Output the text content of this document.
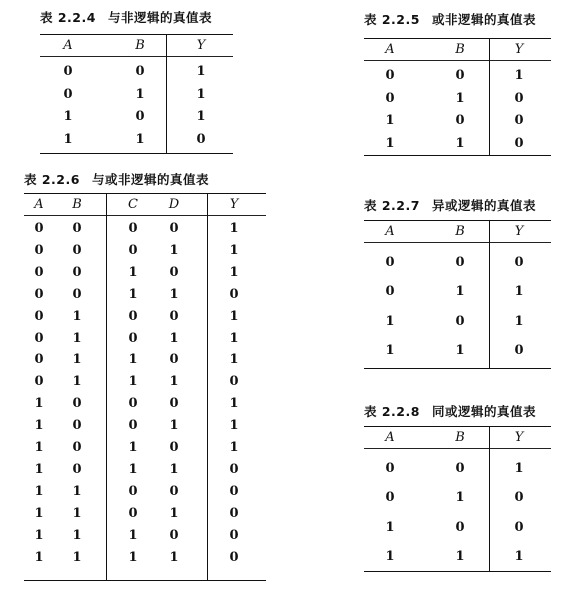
表 2.2.4 与非逻辑的真值表
A	B	Y
0	0	1
0	1	1
1	0	1
1	1	0
表 2.2.5 或非逻辑的真值表
A	B	Y
0	0	1
0	1	0
1	0	0
1	1	0
表 2.2.6 与或非逻辑的真值表
A	B	C	D	Y
0	0	0	0	1
0	0	0	1	1
0	0	1	0	1
0	0	1	1	0
0	1	0	0	1
0	1	0	1	1
0	1	1	0	1
0	1	1	1	0
1	0	0	0	1
1	0	0	1	1
1	0	1	0	1
1	0	1	1	0
1	1	0	0	0
1	1	0	1	0
1	1	1	0	0
1	1	1	1	0
表 2.2.7 异或逻辑的真值表
A	B	Y
0	0	0
0	1	1
1	0	1
1	1	0
表 2.2.8 同或逻辑的真值表
A	B	Y
0	0	1
0	1	0
1	0	0
1	1	1
